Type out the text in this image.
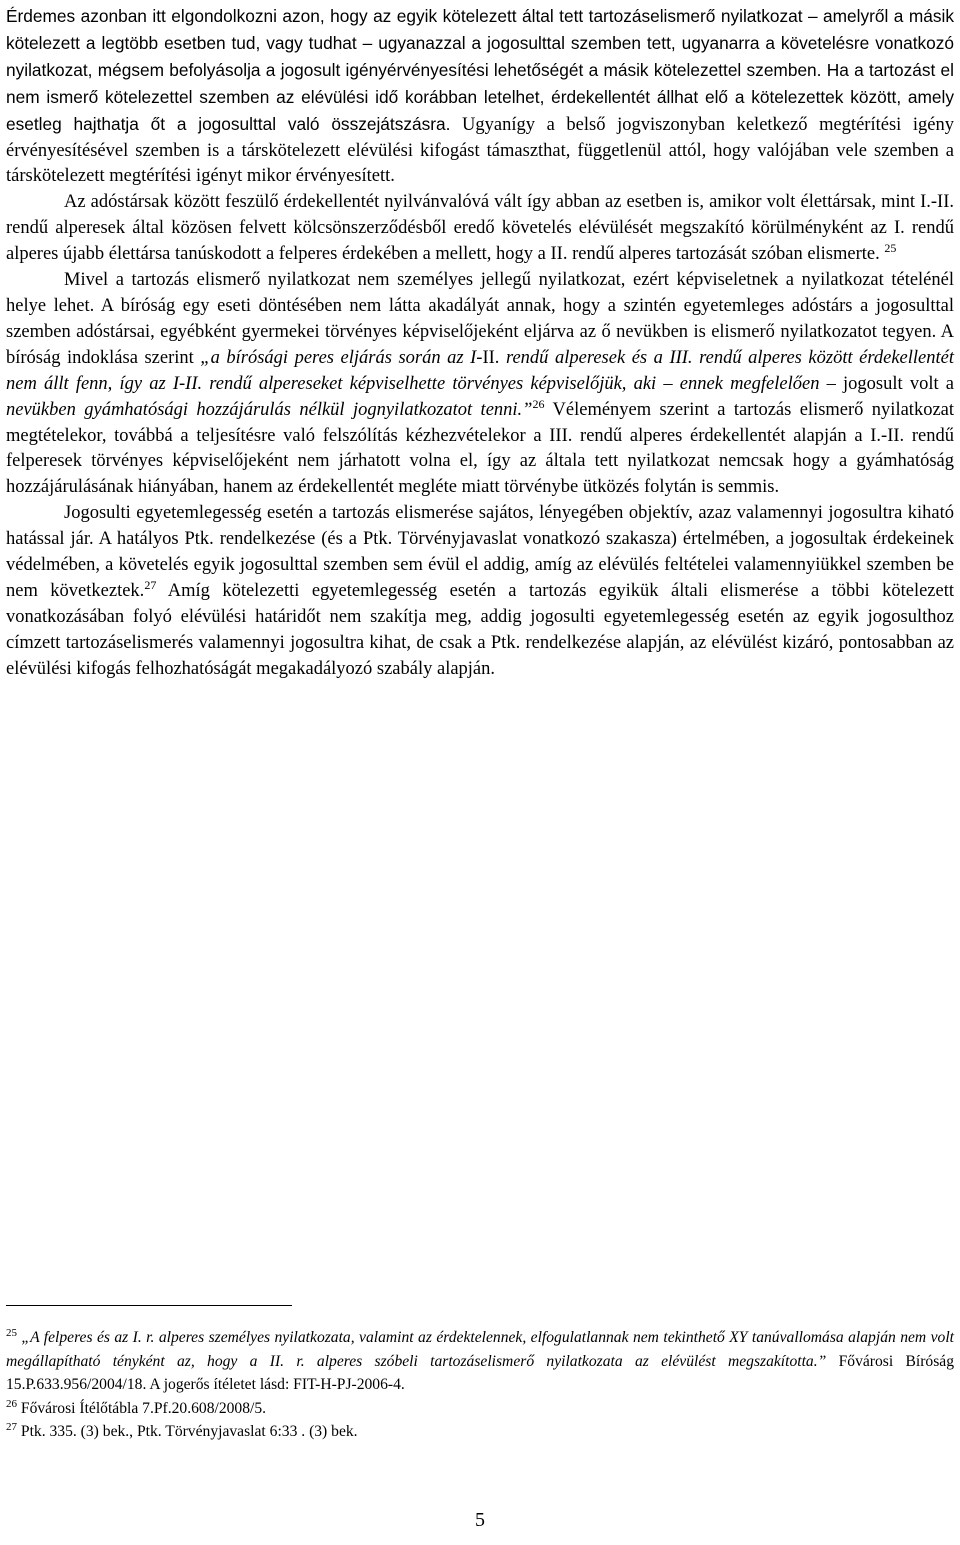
Érdemes azonban itt elgondolkozni azon, hogy az egyik kötelezett által tett tartozáselismerő nyilatkozat – amelyről a másik kötelezett a legtöbb esetben tud, vagy tudhat – ugyanazzal a jogosulttal szemben tett, ugyanarra a követelésre vonatkozó nyilatkozat, mégsem befolyásolja a jogosult igényérvényesítési lehetőségét a másik kötelezettel szemben. Ha a tartozást el nem ismerő kötelezettel szemben az elévülési idő korábban letelhet, érdekellentét állhat elő a kötelezettek között, amely esetleg hajthatja őt a jogosulttal való összejátszásra. Ugyanígy a belső jogviszonyban keletkező megtérítési igény érvényesítésével szemben is a társkötelezett elévülési kifogást támaszthat, függetlenül attól, hogy valójában vele szemben a társkötelezett megtérítési igényt mikor érvényesített.

Az adóstársak között feszülő érdekellentét nyilvánvalóvá vált így abban az esetben is, amikor volt élettársak, mint I.-II. rendű alperesek által közösen felvett kölcsönszerződésből eredő követelés elévülését megszakító körülményként az I. rendű alperes újabb élettársa tanúskodott a felperes érdekében a mellett, hogy a II. rendű alperes tartozását szóban elismerte. $^{25}$

Mivel a tartozás elismerő nyilatkozat nem személyes jellegű nyilatkozat, ezért képviseletnek a nyilatkozat tételénél helye lehet. A bíróság egy eseti döntésében nem látta akadályát annak, hogy a szintén egyetemleges adóstárs a jogosulttal szemben adóstársai, egyébként gyermekei törvényes képviselőjeként eljárva az ő nevükben is elismerő nyilatkozatot tegyen. A bíróság indoklása szerint „a bírósági peres eljárás során az I-II. rendű alperesek és a III. rendű alperes között érdekellentét nem állt fenn, így az I-II. rendű alpereseket képviselhette törvényes képviselőjük, aki – ennek megfelelően – jogosult volt a nevükben gyámhatósági hozzájárulás nélkül jognyilatkozatot tenni.”$^{26}$ Véleményem szerint a tartozás elismerő nyilatkozat megtételekor, továbbá a teljesítésre való felszólítás kézhezvételekor a III. rendű alperes érdekellentét alapján a I.-II. rendű felperesek törvényes képviselőjeként nem járhatott volna el, így az általa tett nyilatkozat nemcsak hogy a gyámhatóság hozzájárulásának hiányában, hanem az érdekellentét megléte miatt törvénybe ütközés folytán is semmis.

Jogosulti egyetemlegesség esetén a tartozás elismerése sajátos, lényegében objektív, azaz valamennyi jogosultra kiható hatással jár. A hatályos Ptk. rendelkezése (és a Ptk. Törvényjavaslat vonatkozó szakasza) értelmében, a jogosultak érdekeinek védelmében, a követelés egyik jogosulttal szemben sem évül el addig, amíg az elévülés feltételei valamennyiükkel szemben be nem következtek.$^{27}$ Amíg kötelezetti egyetemlegesség esetén a tartozás egyikük általi elismerése a többi kötelezett vonatkozásában folyó elévülési határidőt nem szakítja meg, addig jogosulti egyetemlegesség esetén az egyik jogosulthoz címzett tartozáselismerés valamennyi jogosultra kihat, de csak a Ptk. rendelkezése alapján, az elévülést kizáró, pontosabban az elévülési kifogás felhozhatóságát megakadályozó szabály alapján.

$^{25}$ „A felperes és az I. r. alperes személyes nyilatkozata, valamint az érdektelennek, elfogulatlannak nem tekinthető XY tanúvallomása alapján nem volt megállapítható tényként az, hogy a II. r. alperes szóbeli tartozáselismerő nyilatkozata az elévülést megszakította.” Fővárosi Bíróság 15.P.633.956/2004/18. A jogerős ítéletet lásd: FIT-H-PJ-2006-4.

$^{26}$ Fővárosi Ítélőtábla 7.Pf.20.608/2008/5.

$^{27}$ Ptk. 335. (3) bek., Ptk. Törvényjavaslat 6:33 . (3) bek.

5
